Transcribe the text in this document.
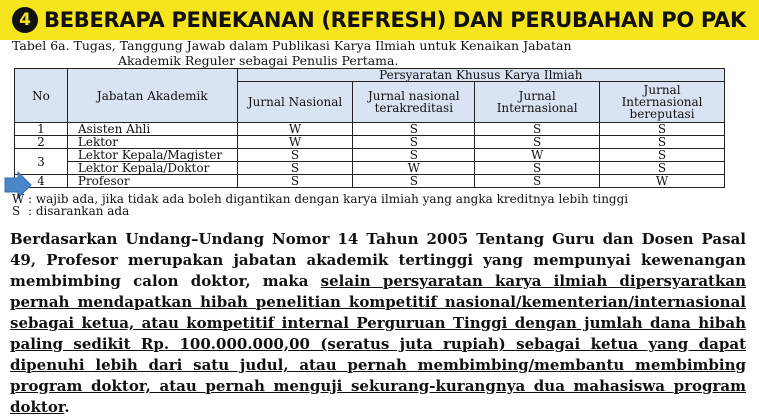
4 BEBERAPA PENEKANAN (REFRESH) DAN PERUBAHAN PO PAK
Tabel 6a. Tugas, Tanggung Jawab dalam Publikasi Karya Ilmiah untuk Kenaikan Jabatan
Akademik Reguler sebagai Penulis Pertama.
No	Jabatan Akademik	Persyaratan Khusus Karya Ilmiah			
		Jurnal Nasional	Jurnal nasional terakreditasi	Jurnal Internasional	Jurnal Internasional bereputasi
1	Asisten Ahli	W	S	S	S
2	Lektor	W	S	S	S
3	Lektor Kepala/Magister	S	S	W	S
	Lektor Kepala/Doktor	S	W	S	S
4	Profesor	S	S	S	W
W : wajib ada, jika tidak ada boleh digantikan dengan karya ilmiah yang angka kreditnya lebih tinggi
S : disarankan ada
Berdasarkan Undang–Undang Nomor 14 Tahun 2005 Tentang Guru dan Dosen Pasal 49, Profesor merupakan jabatan akademik tertinggi yang mempunyai kewenangan membimbing calon doktor, maka selain persyaratan karya ilmiah dipersyaratkan pernah mendapatkan hibah penelitian kompetitif nasional/kementerian/internasional sebagai ketua, atau kompetitif internal Perguruan Tinggi dengan jumlah dana hibah paling sedikit Rp. 100.000.000,00 (seratus juta rupiah) sebagai ketua yang dapat dipenuhi lebih dari satu judul, atau pernah membimbing/membantu membimbing program doktor, atau pernah menguji sekurang-kurangnya dua mahasiswa program doktor.
